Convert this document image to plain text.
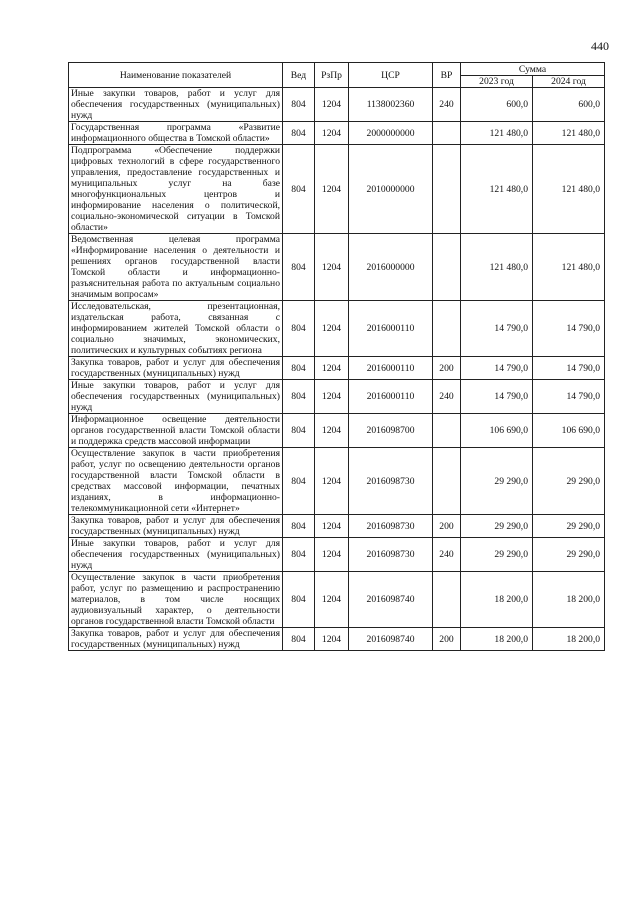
440
Наименование показателей	Вед	РзПр	ЦСР	ВР	Сумма	
					2023 год	2024 год
Иные закупки товаров, работ и услуг для обеспечения государственных (муниципальных) нужд	804	1204	1138002360	240	600,0	600,0
Государственная программа «Развитие информационного общества в Томской области»	804	1204	2000000000		121 480,0	121 480,0
Подпрограмма «Обеспечение поддержки цифровых технологий в сфере государственного управления, предоставление государственных и муниципальных услуг на базе многофункциональных центров и информирование населения о политической, социально-экономической ситуации в Томской области»	804	1204	2010000000		121 480,0	121 480,0
Ведомственная целевая программа «Информирование населения о деятельности и решениях органов государственной власти Томской области и информационно-разъяснительная работа по актуальным социально значимым вопросам»	804	1204	2016000000		121 480,0	121 480,0
Исследовательская, презентационная, издательская работа, связанная с информированием жителей Томской области о социально значимых, экономических, политических и культурных событиях региона	804	1204	2016000110		14 790,0	14 790,0
Закупка товаров, работ и услуг для обеспечения государственных (муниципальных) нужд	804	1204	2016000110	200	14 790,0	14 790,0
Иные закупки товаров, работ и услуг для обеспечения государственных (муниципальных) нужд	804	1204	2016000110	240	14 790,0	14 790,0
Информационное освещение деятельности органов государственной власти Томской области и поддержка средств массовой информации	804	1204	2016098700		106 690,0	106 690,0
Осуществление закупок в части приобретения работ, услуг по освещению деятельности органов государственной власти Томской области в средствах массовой информации, печатных изданиях, в информационно-телекоммуникационной сети «Интернет»	804	1204	2016098730		29 290,0	29 290,0
Закупка товаров, работ и услуг для обеспечения государственных (муниципальных) нужд	804	1204	2016098730	200	29 290,0	29 290,0
Иные закупки товаров, работ и услуг для обеспечения государственных (муниципальных) нужд	804	1204	2016098730	240	29 290,0	29 290,0
Осуществление закупок в части приобретения работ, услуг по размещению и распространению материалов, в том числе носящих аудиовизуальный характер, о деятельности органов государственной власти Томской области	804	1204	2016098740		18 200,0	18 200,0
Закупка товаров, работ и услуг для обеспечения государственных (муниципальных) нужд	804	1204	2016098740	200	18 200,0	18 200,0
